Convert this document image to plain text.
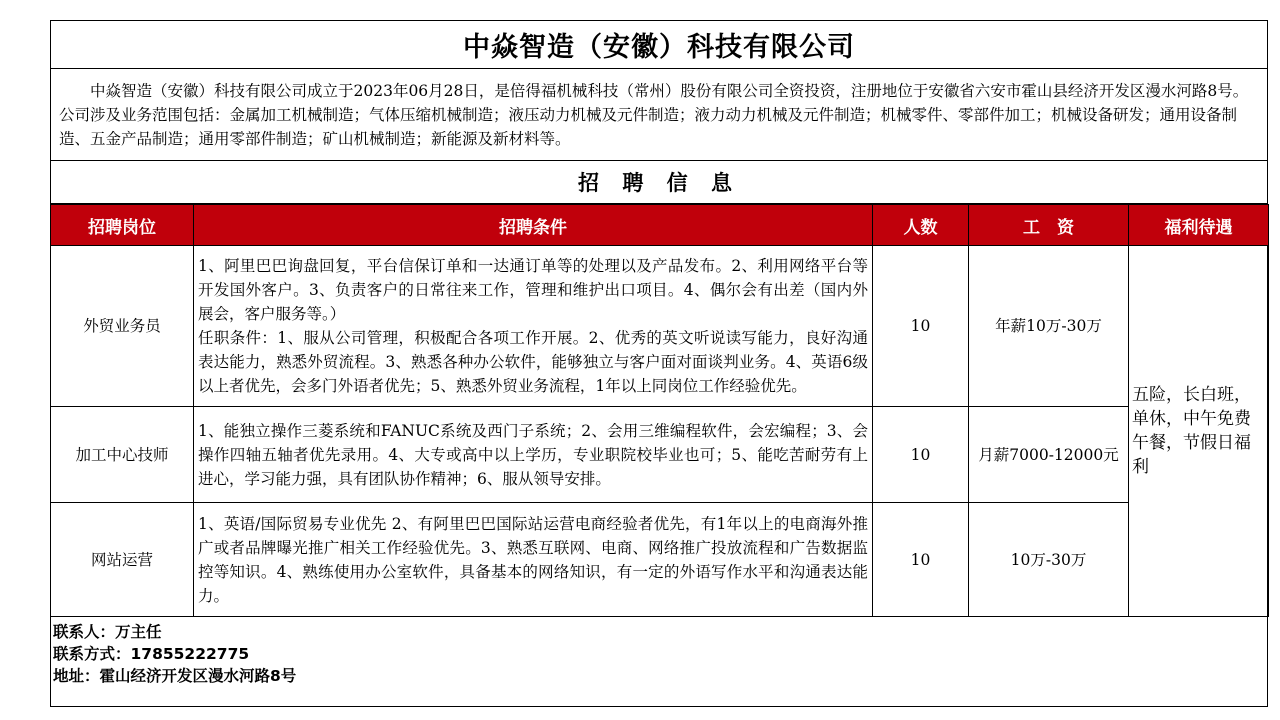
中焱智造（安徽）科技有限公司
中焱智造（安徽）科技有限公司成立于2023年06月28日，是倍得福机械科技（常州）股份有限公司全资投资，注册地位于安徽省六安市霍山县经济开发区漫水河路8号。公司涉及业务范围包括：金属加工机械制造；气体压缩机械制造；液压动力机械及元件制造；液力动力机械及元件制造；机械零件、零部件加工；机械设备研发；通用设备制造、五金产品制造；通用零部件制造；矿山机械制造；新能源及新材料等。
招 聘 信 息
招聘岗位	招聘条件	人数	工　资	福利待遇
外贸业务员	1、阿里巴巴询盘回复，平台信保订单和一达通订单等的处理以及产品发布。2、利用网络平台等开发国外客户。3、负责客户的日常往来工作，管理和维护出口项目。4、偶尔会有出差（国内外展会，客户服务等。）
任职条件：1、服从公司管理，积极配合各项工作开展。2、优秀的英文听说读写能力，良好沟通表达能力，熟悉外贸流程。3、熟悉各种办公软件，能够独立与客户面对面谈判业务。4、英语6级以上者优先，会多门外语者优先；5、熟悉外贸业务流程，1年以上同岗位工作经验优先。	10	年薪10万-30万	五险，长白班，单休，中午免费午餐，节假日福利
加工中心技师	1、能独立操作三菱系统和FANUC系统及西门子系统；2、会用三维编程软件，会宏编程；3、会操作四轴五轴者优先录用。4、大专或高中以上学历，专业职院校毕业也可；5、能吃苦耐劳有上进心，学习能力强，具有团队协作精神；6、服从领导安排。	10	月薪7000-12000元	
网站运营	1、英语/国际贸易专业优先 2、有阿里巴巴国际站运营电商经验者优先，有1年以上的电商海外推广或者品牌曝光推广相关工作经验优先。3、熟悉互联网、电商、网络推广投放流程和广告数据监控等知识。4、熟练使用办公室软件，具备基本的网络知识，有一定的外语写作水平和沟通表达能力。	10	10万-30万	
联系人：万主任
联系方式：17855222775
地址：霍山经济开发区漫水河路8号
